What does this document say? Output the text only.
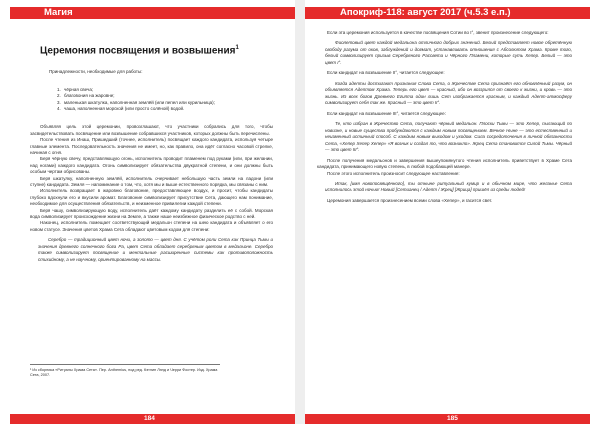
Магия
Церемония посвящения и возвышения$^1$

Принадлежности, необходимые для работы:

1. чёрная свеча;
2. благовония на жаровне;
3. маленькая шкатулка, наполненная землёй (или пепел или курильница);
4. чаша, наполненная морской (или просто солёной) водой.

Объявляя цель этой церемонии, провозглашают, что участники собрались для того, чтобы засвидетельствовать посвящение или возвышение собравшихся участников, которых должны быть перечислены.

После чтения из Инаш, Пришедший (точнее, исполнитель) посвящает каждого кандидата, используя четыре главные элемента. Последовательность значения не имеет, но, как правило, она идёт согласно часовой стрелке, начиная с огня.

Беря чёрную свечу, представляющую огонь, исполнитель проводит пламенем под руками (или, при желании, над ногами) каждого кандидата. Огонь символизирует обязательства двукратной степени, и они должны быть особым чертам обрисованы.

Беря шкатулку, наполненную землёй, исполнитель очерчивает небольшую часть земли на ладони (или ступне) кандидата. Земля — напоминание о том, что, хотя мы и выше естественного порядка, мы связаны с ним.

Исполнитель возвращает в жаровню благовоние, предоставляющее воздух, и просит, чтобы кандидаты глубоко вдохнули его и вкусили аромат. Благовоние символизирует присутствие Сета, дающего нам понимание, необходимое для осуществления обязательств, и неизменное привилегии каждой степени.

Беря чашу, символизирующую воду, исполнитель даёт каждому кандидату разделить её с собой. Морская вода символизирует происхождение жизни на Земле, а также наше неизбежное физическое родство с ней.

Наконец, исполнитель помещает соответствующий медальон степени на шею кандидата и объявляет о его новом статусе. Значения цветов Храма Сета обладают цветовым кодом для степени:

Серебро — традиционный цвет ночи, а золото — цвет дня. С учётом роли Сета как Принца Тьмы и значения древнего солнечного бога Ра, цвет Сета обладает серебряным цветом в медальоне. Серебро также символизирует посвящение и ментальные расширенные системы как противоположность стихийному, а не научному, ориентированному на массы.

¹ Из сборника «Ритуалы Храма Сета». Пер. Anthemius, под ред. Кэтлин Лэнд и Черри Фостер. Изд. Храма Сета, 2007.

184
Апокриф-118: август 2017 (ч.5.3 е.п.)

Если эта церемония используется в качестве посвящения Сотии во I°, звенит произнесение следующего:

Фиолетовый цвет каждой медальона отличного добрых значений. Белый представляет новое обретённую свободу разума от оков, заблуждений и догмат, устанавливать отношения с Абсолютом Храма. Кроме того, белый символизирует призыв Серебряного Рассвета и Чёрного Пламени, которые суть Хепер. Белый — это цвет I°.

Если кандидат на возвышение II°, читается следующее:

Когда адепты достигают признания Слова Сета, о Жречестве Сета признаёт его обновлённый разум, он объявляется Адептом Храма. Теперь его цвет — красный, ибо он воззрился от своего к жизни, и кровь — это жизнь. Из всех богов Древнего Египта один лишь Сет изображается красным, и каждый Адепт-атмосферу символизирует себя так же. Красный — это цвет II°.

Если кандидат на возвышение III°, читается следующее:

Те, кто избран в Жречество Сета, получают чёрный медальон. Плоски Тьмы — это Хепер, пылающий по новизне, и новые существа пробуждаются с каждым новым посвящением. Вечное Ныне — это естественный и неизменный истинный способ. С каждым новым выходом и уходом. Сила сосредоточения в личной обязанности Сета, «Хепер Хепер Хепер» «Я возник и создал то, что возникло». Жрец Сета становится Силой Тьмы. Чёрный — это цвет III°.

После получения медальонов и завершения вышеупомянутого чтения исполнитель приветствует в Храме Сета кандидата, принимающего новую степень, в любой подобающей манере.

После этого исполнитель произносит следующее наставление:

Итак, [имя новопосвящённого], ты отныне ритуальный кумир и в обычном мире, что желанье Сета исполнилось этой ночью! Новый [Сетианец / Адепт / Жрец] [Жрица] пришёл из среды людей!

Церемония завершается произнесением всеми слова «Хепер», и гасится свет.

185
